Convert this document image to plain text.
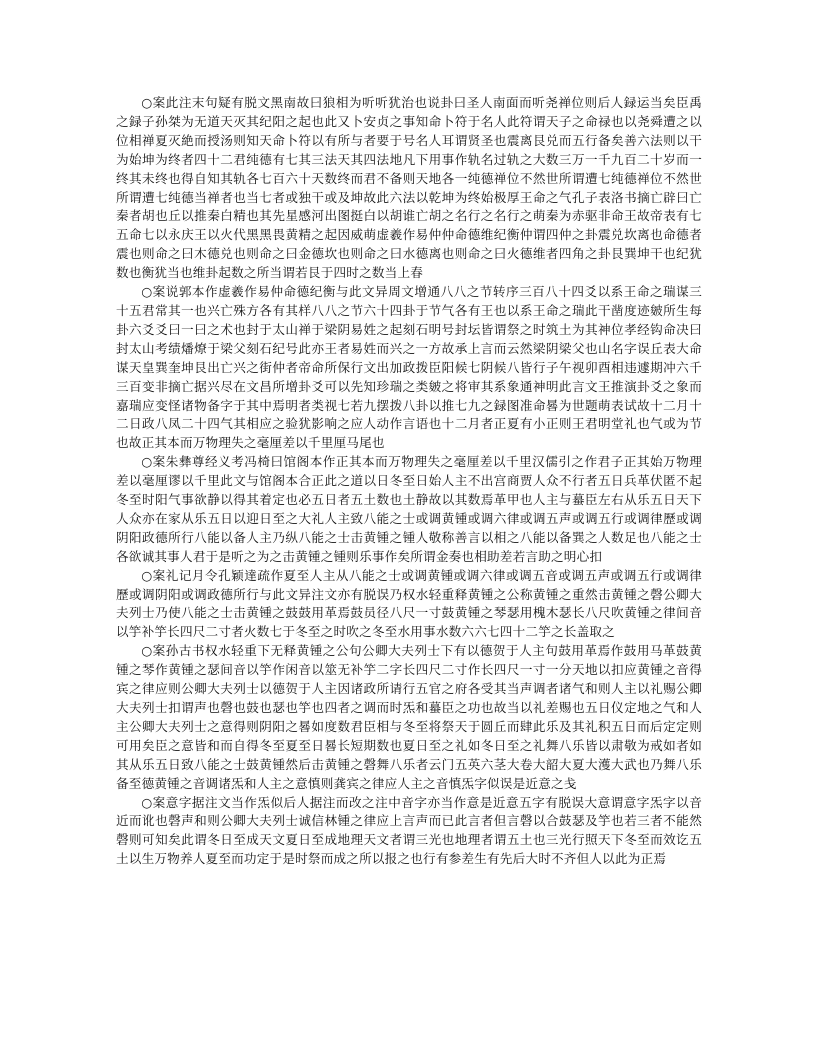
○案此注末句疑有脱文黑南故曰狼相为听听犹治也说卦曰圣人南面而听尧禅位则后人録运当矣臣禹之録子孙桀为无道天灭其纪阳之起也此又卜安贞之事知命卜符于名人此符谓天子之命禄也以尧舜遭之以位相禅夏灭絶而授汤则知天命卜符以有所与者要于号名人耳谓贤圣也震离艮兑而五行备矣善六法则以干为始坤为终者四十二君纯德有七其三法天其四法地凡下用事作轨名过轨之大数三万一千九百二十岁而一终其未终也得自知其轨各七百六十天数终而君不备则天地各一纯德禅位不然世所谓遭七纯德禅位不然世所谓遭七纯德当禅者也当七者或独干或及坤故此六法以乾坤为终始极厚王命之气孔子表洛书摘亡辟曰亡秦者胡也丘以推秦白精也其先星感河出图挺白以胡谁亡胡之名行之名行之萌秦为赤驱非命王故帝表有七五命七以永庆王以火代黑黑畏黄精之起因威萌虚羲作易仲仲命德维纪衡仲谓四仲之卦震兑坎离也命德者震也则命之曰木德兑也则命之曰金德坎也则命之曰水德离也则命之曰火德维者四角之卦艮巽坤干也纪犹数也衡犹当也维卦起数之所当谓若艮于四时之数当上春

○案说郭本作虚羲作易仲命德纪衡与此文异周文增通八八之节转序三百八十四爻以系王命之瑞谋三十五君常其一也兴亡殊方各有其样八八之节六十四卦于节气各有王也以系王命之瑞此干凿度迹皴所生每卦六爻爻曰一曰之术也封于太山禅于梁阴易姓之起刻石明号封坛皆谓祭之时筑土为其神位孝经钩命决曰封太山考绩燔燎于梁父刻石纪号此亦王者易姓而兴之一方故承上言而云然梁阴梁父也山名字误丘表大命谋天皇巽奎坤艮出亡兴之街仲者帝命所保行文出加政拨臣阳候七阴候八皆行子午视卯酉相违遽期冲六千三百变非摘亡据兴尽在文昌所增卦爻可以先知珍瑞之类皴之将审其系象通神明此言文王推演卦爻之象而嘉瑞应变怪诸物备字于其中焉明者类视七若九摆拨八卦以推七九之録图准命晷为世题萌表试故十二月十二日政八凤二十四气其相应之验犹影响之应人动作言语也十二月者正夏有小正则王君明堂礼也气或为节也故正其本而万物理失之毫厘差以千里厘马尾也

○案朱彝尊经义考冯椅曰馆阁本作正其本而万物理失之毫厘差以千里汉儒引之作君子正其始万物理差以毫厘谬以千里此文与馆阁本合正此之道以日冬至日始人主不出宫商贾人众不行者五日兵革伏匿不起冬至时阳气事欲静以得其着定也必五日者五土数也土静故以其数焉革甲也人主与蟇臣左右从乐五日天下人众亦在家从乐五日以迎日至之大礼人主致八能之士或调黄锺或调六律或调五声或调五行或调律歷或调阴阳政德所行八能以备人主乃纵八能之士击黄锺之锺人敬称善言以相之八能以备巽之人数足也八能之士各欲诚其事人君于是听之为之击黄锺之锺则乐事作矣所谓金奏也相助差若言助之明心扣

○案礼记月令孔颖達疏作夏至人主从八能之士或调黄锺或调六律或调五音或调五声或调五行或调律歷或调阴阳或调政德所行与此文异注文亦有脱误乃权水轻重释黄锺之公称黄锺之重然击黄锺之磬公卿大夫列士乃使八能之士击黄锺之鼓鼓用革焉鼓员径八尺一寸鼓黄锺之琴瑟用槐木瑟长八尺吹黄锺之律间音以竽补竽长四尺二寸者火数七于冬至之时吹之冬至水用事水数六六七四十二竽之长盖取之

○案孙古书权水轻重下无释黄锺之公句公卿大夫列士下有以德贺于人主句鼓用革焉作鼓用马革鼓黄锺之琴作黄锺之瑟间音以竽作闲音以筮无补竽二字长四尺二寸作长四尺一寸一分天地以扣应黄锺之音得宾之律应则公卿大夫列士以德贺于人主因诸政所请行五官之府各受其当声调者诸气和则人主以礼赐公卿大夫列士扣谓声也磬也鼓也瑟也竽也四者之调而时炁和蟇臣之功也故当以礼差赐也五日仪定地之气和人主公卿大夫列士之意得则阴阳之晷如度数君臣相与冬至将祭天于圆丘而肆此乐及其礼积五日而后定定则可用矣臣之意皆和而自得冬至夏至日晷长短期数也夏日至之礼如冬日至之礼舞八乐皆以肃敬为戒如者如其从乐五日致八能之士鼓黄锺然后击黄锺之磬舞八乐者云门五英六茎大卷大韶大夏大濩大武也乃舞八乐备至德黄锺之音调诸炁和人主之意慎则龚宾之律应人主之音慎炁字似误是近意之戋

○案意字据注文当作炁似后人据注而改之注中音字亦当作意是近意五字有脱误大意谓意字炁字以音近而讹也磬声和则公卿大夫列士诚信林锺之律应上言声而已此言者但言磬以合鼓瑟及竽也若三者不能然磬则可知矣此谓冬日至成天文夏日至成地理天文者谓三光也地理者谓五土也三光行照天下冬至而效讫五土以生万物养人夏至而功定于是时祭而成之所以报之也行有参差生有先后大时不齐但人以此为正焉
